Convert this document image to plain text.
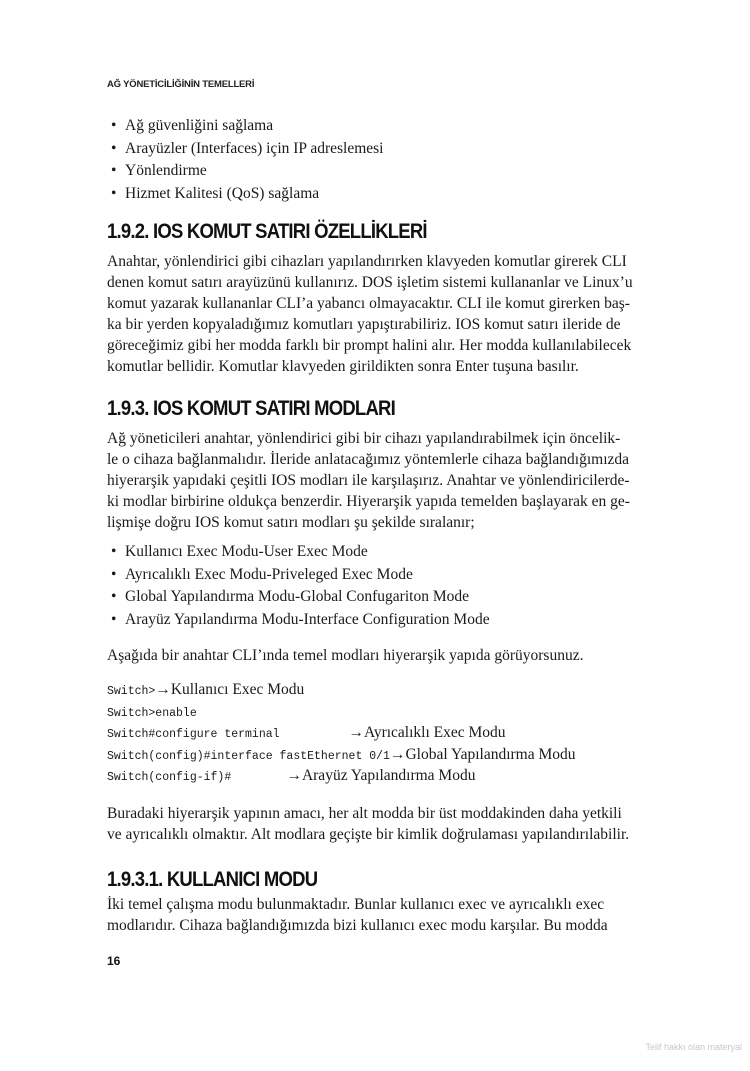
AĞ YÖNETİCİLİĞİNİN TEMELLERİ
• Ağ güvenliğini sağlama
• Arayüzler (Interfaces) için IP adreslemesi
• Yönlendirme
• Hizmet Kalitesi (QoS) sağlama
1.9.2. IOS KOMUT SATIRI ÖZELLİKLERİ
Anahtar, yönlendirici gibi cihazları yapılandırırken klavyeden komutlar girerek CLI
denen komut satırı arayüzünü kullanırız. DOS işletim sistemi kullananlar ve Linux’u
komut yazarak kullananlar CLI’a yabancı olmayacaktır. CLI ile komut girerken baş-
ka bir yerden kopyaladığımız komutları yapıştırabiliriz. IOS komut satırı ileride de
göreceğimiz gibi her modda farklı bir prompt halini alır. Her modda kullanılabilecek
komutlar bellidir. Komutlar klavyeden girildikten sonra Enter tuşuna basılır.
1.9.3. IOS KOMUT SATIRI MODLARI
Ağ yöneticileri anahtar, yönlendirici gibi bir cihazı yapılandırabilmek için öncelik-
le o cihaza bağlanmalıdır. İleride anlatacağımız yöntemlerle cihaza bağlandığımızda
hiyerarşik yapıdaki çeşitli IOS modları ile karşılaşırız. Anahtar ve yönlendiricilerde-
ki modlar birbirine oldukça benzerdir. Hiyerarşik yapıda temelden başlayarak en ge-
lişmişe doğru IOS komut satırı modları şu şekilde sıralanır;
• Kullanıcı Exec Modu-User Exec Mode
• Ayrıcalıklı Exec Modu-Priveleged Exec Mode
• Global Yapılandırma Modu-Global Confugariton Mode
• Arayüz Yapılandırma Modu-Interface Configuration Mode
Aşağıda bir anahtar CLI’ında temel modları hiyerarşik yapıda görüyorsunuz.
Switch>→Kullanıcı Exec Modu
Switch>enable
Switch#configure terminal	→Ayrıcalıklı Exec Modu
Switch(config)#interface fastEthernet 0/1→Global Yapılandırma Modu
Switch(config-if)#	→Arayüz Yapılandırma Modu
Buradaki hiyerarşik yapının amacı, her alt modda bir üst moddakinden daha yetkili
ve ayrıcalıklı olmaktır. Alt modlara geçişte bir kimlik doğrulaması yapılandırılabilir.
1.9.3.1. KULLANICI MODU
İki temel çalışma modu bulunmaktadır. Bunlar kullanıcı exec ve ayrıcalıklı exec
modlarıdır. Cihaza bağlandığımızda bizi kullanıcı exec modu karşılar. Bu modda
16
Telif hakkı olan materyal
